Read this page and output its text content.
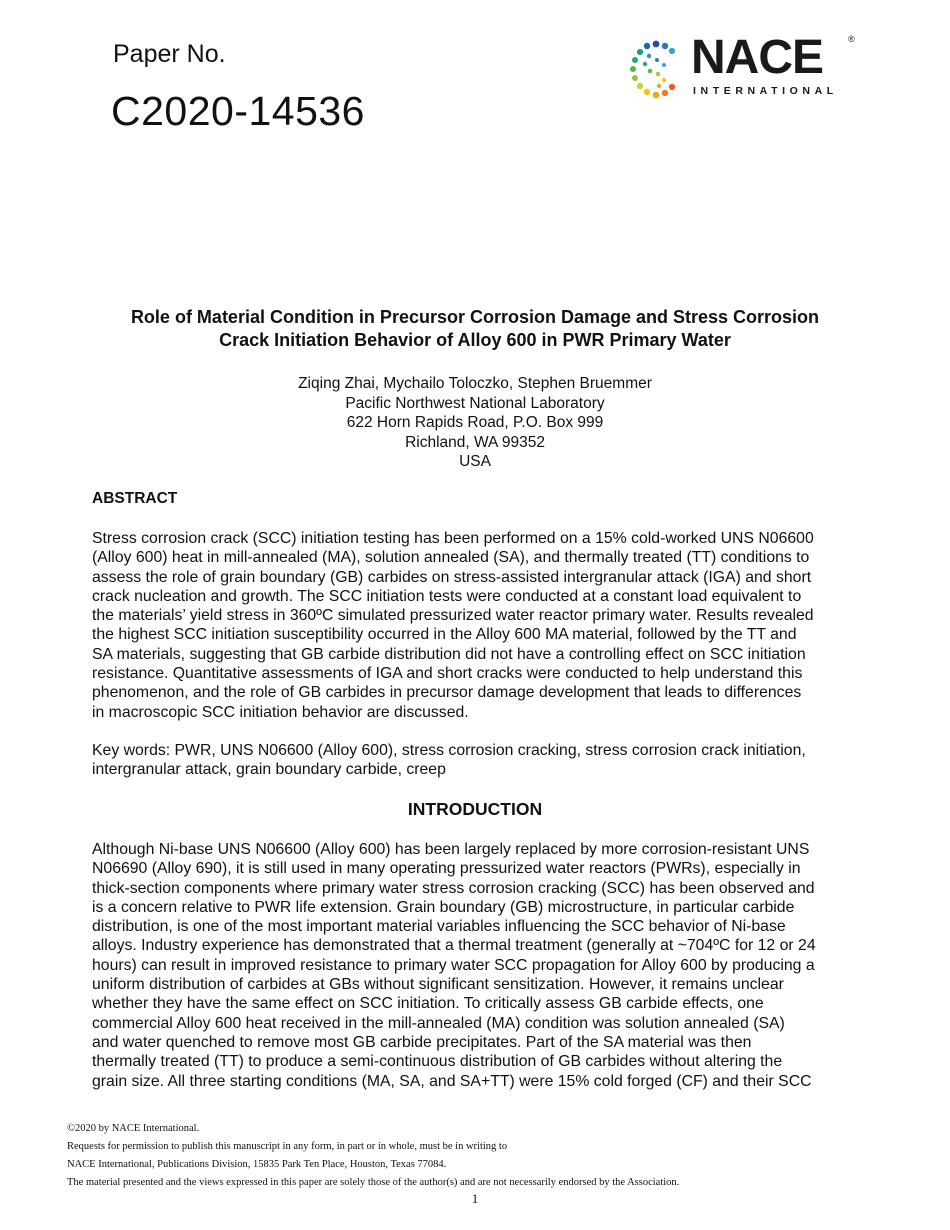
Paper No.
C2020-14536
NACE	®
INTERNATIONAL
Role of Material Condition in Precursor Corrosion Damage and Stress Corrosion
Crack Initiation Behavior of Alloy 600 in PWR Primary Water
Ziqing Zhai, Mychailo Toloczko, Stephen Bruemmer
Pacific Northwest National Laboratory
622 Horn Rapids Road, P.O. Box 999
Richland, WA 99352
USA
ABSTRACT
Stress corrosion crack (SCC) initiation testing has been performed on a 15% cold-worked UNS N06600
(Alloy 600) heat in mill-annealed (MA), solution annealed (SA), and thermally treated (TT) conditions to
assess the role of grain boundary (GB) carbides on stress-assisted intergranular attack (IGA) and short
crack nucleation and growth. The SCC initiation tests were conducted at a constant load equivalent to
the materials’ yield stress in 360ºC simulated pressurized water reactor primary water. Results revealed
the highest SCC initiation susceptibility occurred in the Alloy 600 MA material, followed by the TT and
SA materials, suggesting that GB carbide distribution did not have a controlling effect on SCC initiation
resistance. Quantitative assessments of IGA and short cracks were conducted to help understand this
phenomenon, and the role of GB carbides in precursor damage development that leads to differences
in macroscopic SCC initiation behavior are discussed.
Key words: PWR, UNS N06600 (Alloy 600), stress corrosion cracking, stress corrosion crack initiation,
intergranular attack, grain boundary carbide, creep
INTRODUCTION
Although Ni-base UNS N06600 (Alloy 600) has been largely replaced by more corrosion-resistant UNS
N06690 (Alloy 690), it is still used in many operating pressurized water reactors (PWRs), especially in
thick-section components where primary water stress corrosion cracking (SCC) has been observed and
is a concern relative to PWR life extension. Grain boundary (GB) microstructure, in particular carbide
distribution, is one of the most important material variables influencing the SCC behavior of Ni-base
alloys. Industry experience has demonstrated that a thermal treatment (generally at ~704ºC for 12 or 24
hours) can result in improved resistance to primary water SCC propagation for Alloy 600 by producing a
uniform distribution of carbides at GBs without significant sensitization. However, it remains unclear
whether they have the same effect on SCC initiation. To critically assess GB carbide effects, one
commercial Alloy 600 heat received in the mill-annealed (MA) condition was solution annealed (SA)
and water quenched to remove most GB carbide precipitates. Part of the SA material was then
thermally treated (TT) to produce a semi-continuous distribution of GB carbides without altering the
grain size. All three starting conditions (MA, SA, and SA+TT) were 15% cold forged (CF) and their SCC
©2020 by NACE International.
Requests for permission to publish this manuscript in any form, in part or in whole, must be in writing to
NACE International, Publications Division, 15835 Park Ten Place, Houston, Texas 77084.
The material presented and the views expressed in this paper are solely those of the author(s) and are not necessarily endorsed by the Association.
1
